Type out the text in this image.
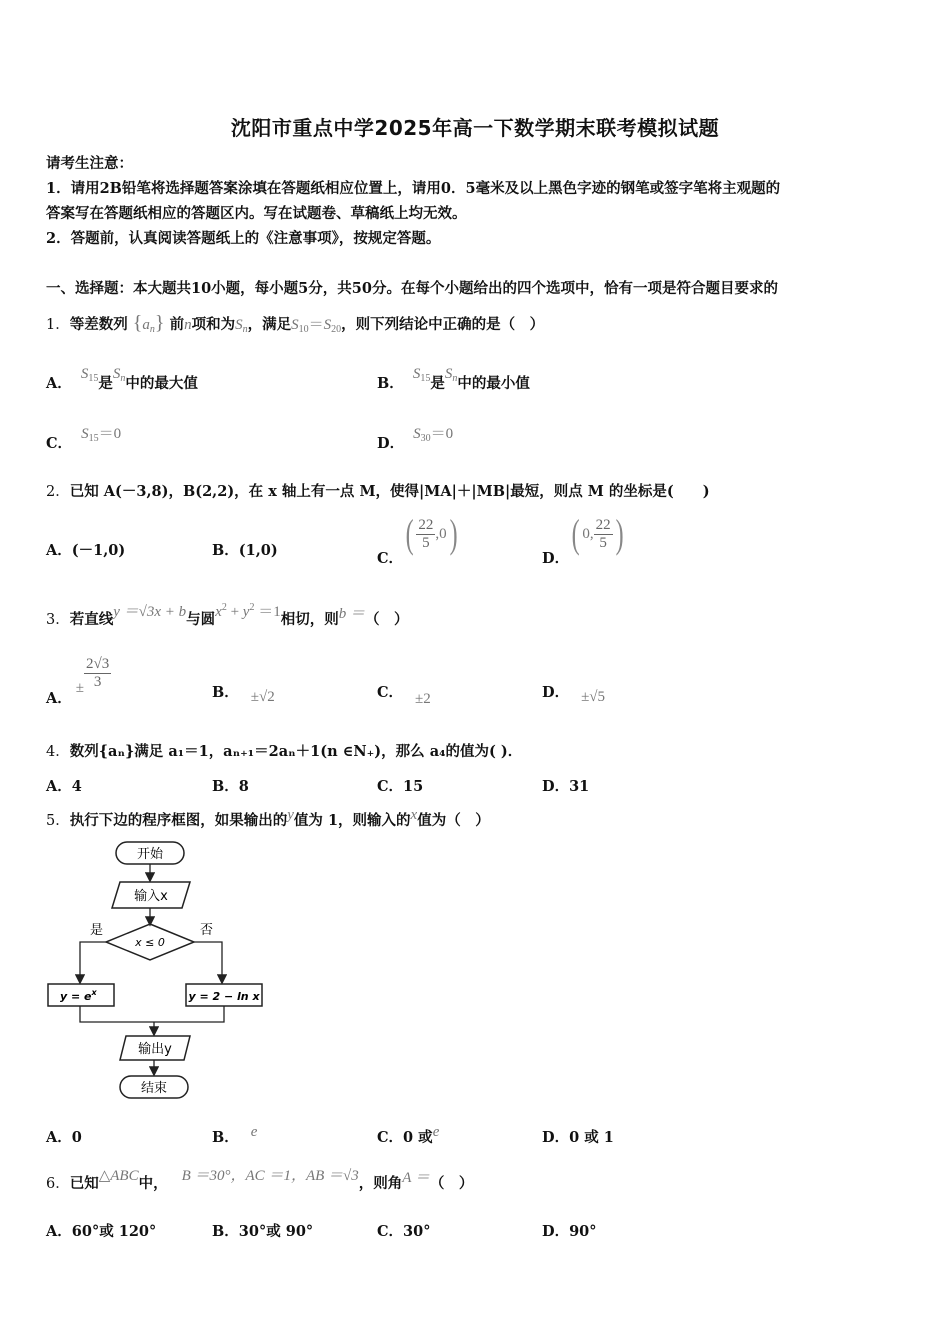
沈阳市重点中学2025年高一下数学期末联考模拟试题
请考生注意：
1．请用2B铅笔将选择题答案涂填在答题纸相应位置上，请用0．5毫米及以上黑色字迹的钢笔或签字笔将主观题的
答案写在答题纸相应的答题区内。写在试题卷、草稿纸上均无效。
2．答题前，认真阅读答题纸上的《注意事项》，按规定答题。
一、选择题：本大题共10小题，每小题5分，共50分。在每个小题给出的四个选项中，恰有一项是符合题目要求的
1．等差数列 $\{a_n\}$ 前n项和为$S_n$，满足$S_{10}=S_{20}$，则下列结论中正确的是（　）
A． $S^{15}$是$S^n$中的最大值	B． $S^{15}$是$S^n$中的最小值
C． $S^{15}=0$
D． $S^{30}=0$
2．已知 A(－3,8)，B(2,2)，在 x 轴上有一点 M，使得|MA|＋|MB|最短，则点 M 的坐标是(　　)
A．(－1,0)	B．(1,0)	C．( $\frac{22}{5} ,0$)
D．( 0, $\frac{22}{5}$ )
3．若直线y ＝√3x + b与圆$x^2 + y^2 =1$相切，则b ＝（　）
A．± $\frac{2√3}{3}$
B． ±√2	C． ±2	D． ±√5
4．数列{aₙ}满足 a₁＝1，aₙ₊₁＝2aₙ＋1(n ∈N₊)，那么 a₄的值为( )．
A．4	B．8	C．15	D．31
5．执行下边的程序框图，如果输出的y值为 1，则输入的x值为（　）
开始
输入x
x ≤ 0
是	否
$y = e^x$	y = 2 − ln x
输出y
结束
A．0	B． e	C．0 或e	D．0 或 1
6．已知△ABC中， B ＝30°，AC ＝1，AB ＝√3，则角A ＝（　）
A．60°或 120°	B．30°或 90°	C．30°	D．90°
